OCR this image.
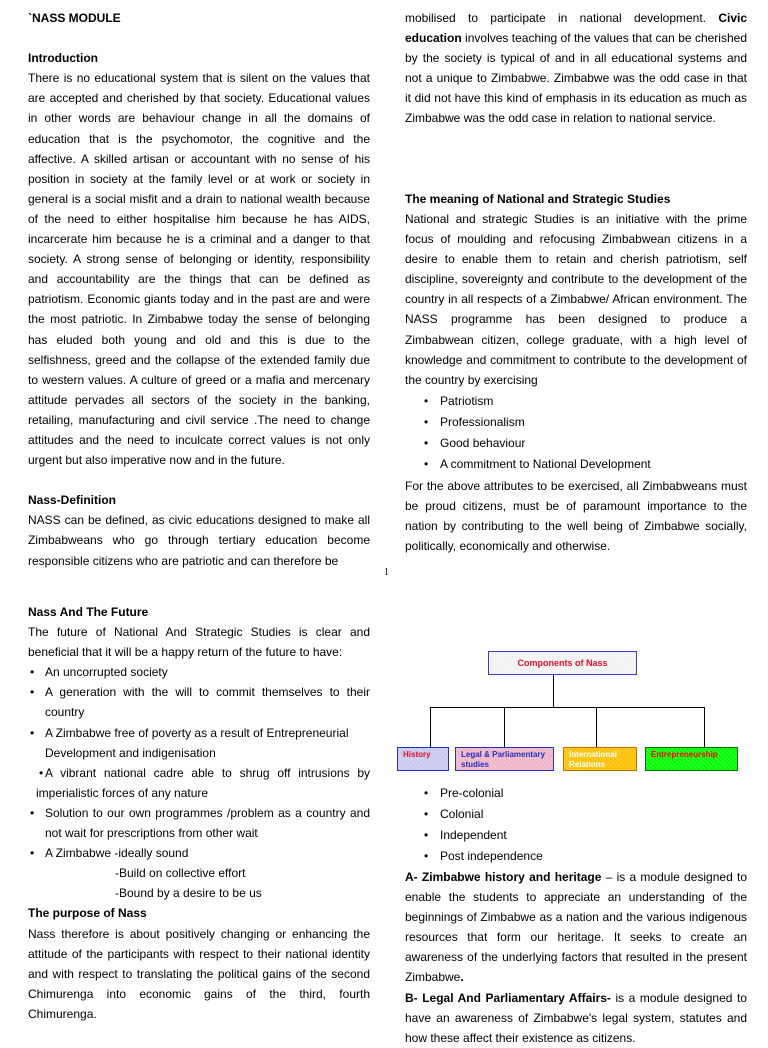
`NASS MODULE

Introduction

There is no educational system that is silent on the values that are accepted and cherished by that society. Educational values in other words are behaviour change in all the domains of education that is the psychomotor, the cognitive and the affective. A skilled artisan or accountant with no sense of his position in society at the family level or at work or society in general is a social misfit and a drain to national wealth because of the need to either hospitalise him because he has AIDS, incarcerate him because he is a criminal and a danger to that society. A strong sense of belonging or identity, responsibility and accountability are the things that can be defined as patriotism. Economic giants today and in the past are and were the most patriotic. In Zimbabwe today the sense of belonging has eluded both young and old and this is due to the selfishness, greed and the collapse of the extended family due to western values. A culture of greed or a mafia and mercenary attitude pervades all sectors of the society in the banking, retailing, manufacturing and civil service .The need to change attitudes and the need to inculcate correct values is not only urgent but also imperative now and in the future.

Nass-Definition

NASS can be defined, as civic educations designed to make all Zimbabweans who go through tertiary education become responsible citizens who are patriotic and can therefore be

mobilised to participate in national development. Civic education involves teaching of the values that can be cherished by the society is typical of and in all educational systems and not a unique to Zimbabwe. Zimbabwe was the odd case in that it did not have this kind of emphasis in its education as much as Zimbabwe was the odd case in relation to national service.

The meaning of National and Strategic Studies

National and strategic Studies is an initiative with the prime focus of moulding and refocusing Zimbabwean citizens in a desire to enable them to retain and cherish patriotism, self discipline, sovereignty and contribute to the development of the country in all respects of a Zimbabwe/ African environment. The NASS programme has been designed to produce a Zimbabwean citizen, college graduate, with a high level of knowledge and commitment to contribute to the development of the country by exercising

• Patriotism
• Professionalism
• Good behaviour
• A commitment to National Development

For the above attributes to be exercised, all Zimbabweans must be proud citizens, must be of paramount importance to the nation by contributing to the well being of Zimbabwe socially, politically, economically and otherwise.

1

Nass And The Future

The future of National And Strategic Studies is clear and beneficial that it will be a happy return of the future to have:

• An uncorrupted society
• A generation with the will to commit themselves to their country
• A Zimbabwe free of poverty as a result of Entrepreneurial Development and indigenisation
• A vibrant national cadre able to shrug off intrusions by imperialistic forces of any nature
• Solution to our own programmes /problem as a country and not wait for prescriptions from other wait
• A Zimbabwe -ideally sound

-Build on collective effort

-Bound by a desire to be us

The purpose of Nass

Nass therefore is about positively changing or enhancing the attitude of the participants with respect to their national identity and with respect to translating the political gains of the second Chimurenga into economic gains of the third, fourth Chimurenga.

Components of Nass
History	Legal & Parliamentary studies
International Relations
Entrepreneurship
• Pre-colonial
• Colonial
• Independent
• Post independence

A- Zimbabwe history and heritage – is a module designed to enable the students to appreciate an understanding of the beginnings of Zimbabwe as a nation and the various indigenous resources that form our heritage. It seeks to create an awareness of the underlying factors that resulted in the present Zimbabwe.

B- Legal And Parliamentary Affairs- is a module designed to have an awareness of Zimbabwe's legal system, statutes and how these affect their existence as citizens.
